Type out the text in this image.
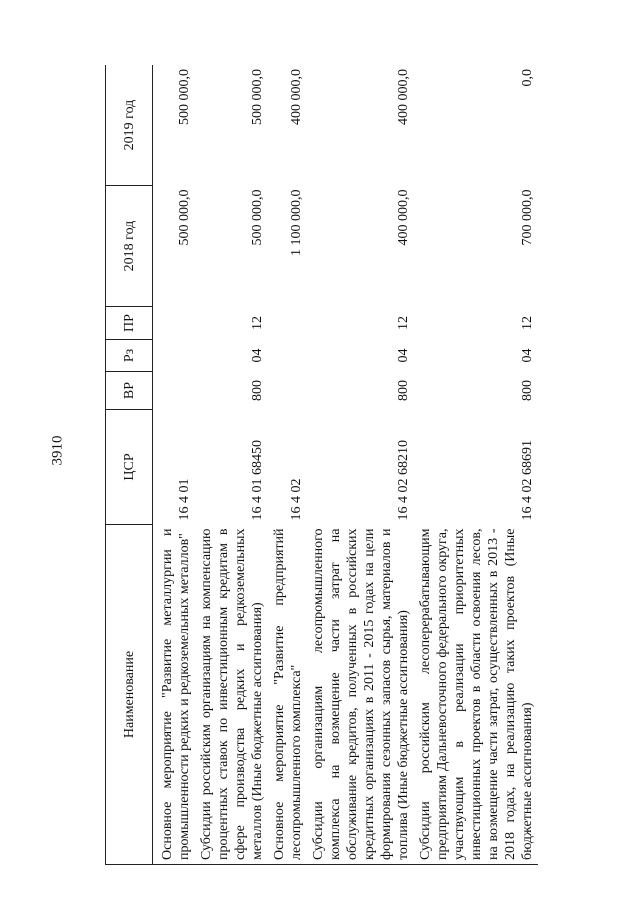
3910
Наименование	ЦСР	ВР	Рз	ПР	2018 год	2019 год
Основное мероприятие "Развитие металлургии и промышленности редких и редкоземельных металлов"	16 4 01				500 000,0	500 000,0
Субсидии российским организациям на компенсацию процентных ставок по инвестиционным кредитам в сфере производства редких и редкоземельных металлов (Иные бюджетные ассигнования)	16 4 01 68450	800	04	12	500 000,0	500 000,0
Основное мероприятие "Развитие предприятий лесопромышленного комплекса"	16 4 02				1 100 000,0	400 000,0
Субсидии организациям лесопромышленного комплекса на возмещение части затрат на обслуживание кредитов, полученных в российских кредитных организациях в 2011 - 2015 годах на цели формирования сезонных запасов сырья, материалов и топлива (Иные бюджетные ассигнования)	16 4 02 68210	800	04	12	400 000,0	400 000,0
Субсидии российским лесоперерабатывающим предприятиям Дальневосточного федерального округа, участвующим в реализации приоритетных инвестиционных проектов в области освоения лесов, на возмещение части затрат, осуществленных в 2013 - 2018 годах, на реализацию таких проектов (Иные бюджетные ассигнования)	16 4 02 68691	800	04	12	700 000,0	0,0
